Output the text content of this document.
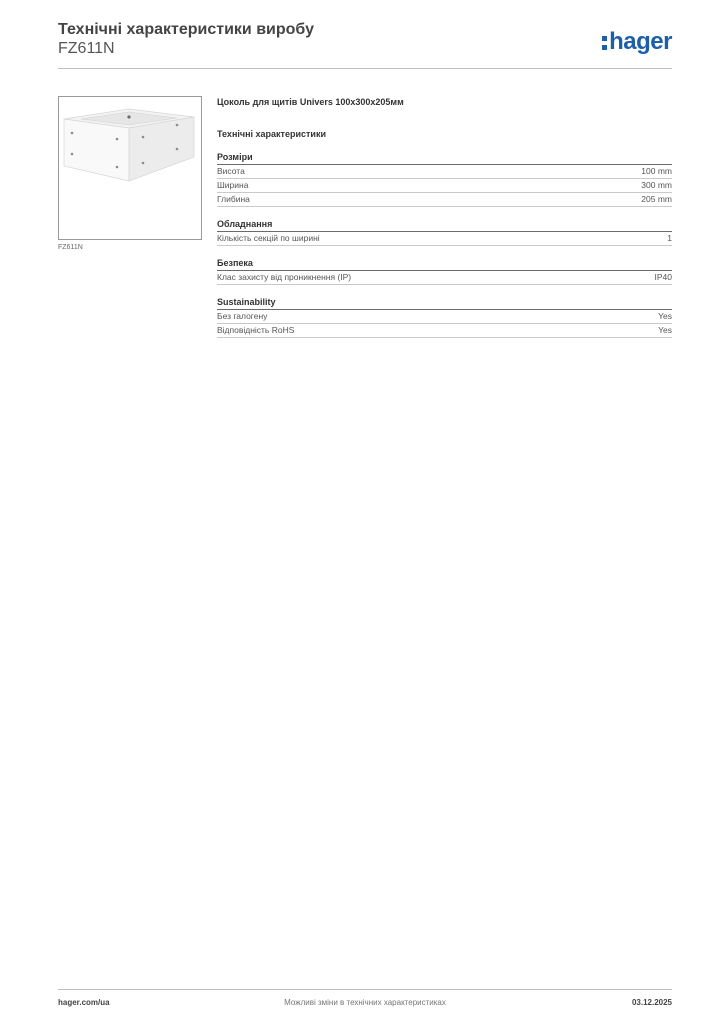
Технічні характеристики виробу
FZ611N	hager
FZ611N
Цоколь для щитів Univers 100x300x205мм
Технічні характеристики
Розміри
Висота	100 mm
Ширина	300 mm
Глибина	205 mm
Обладнання
Кількість секцій по ширині	1
Безпека
Клас захисту від проникнення (IP)	IP40
Sustainability
Без галогену	Yes
Відповідність RoHS	Yes
hager.com/ua	Можливі зміни в технічних характеристиках	03.12.2025
